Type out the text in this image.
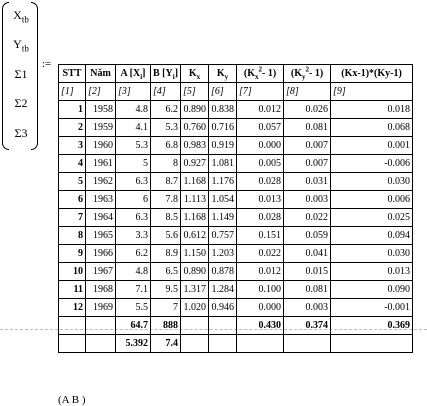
$X_{tb}$
$Y_{tb}$
Σ1
Σ2
Σ3
:=
STT	Năm	A $[X_i]$	B $[Y_i]$	$K_x$	$K_y$	($K_x^2-$ 1)	($K_y^2-$ 1)	(Kx-1)*(Ky-1)
[1]	[2]	[3]	[4]	[5]	[6]	[7]	[8]	[9]
1	1958	4.8	6.2	0.890	0.838	0.012	0.026	0.018
2	1959	4.1	5.3	0.760	0.716	0.057	0.081	0.068
3	1960	5.3	6.8	0.983	0.919	0.000	0.007	0.001
4	1961	5	8	0.927	1.081	0.005	0.007	-0.006
5	1962	6.3	8.7	1.168	1.176	0.028	0.031	0.030
6	1963	6	7.8	1.113	1.054	0.013	0.003	0.006
7	1964	6.3	8.5	1.168	1.149	0.028	0.022	0.025
8	1965	3.3	5.6	0.612	0.757	0.151	0.059	0.094
9	1966	6.2	8.9	1.150	1.203	0.022	0.041	0.030
10	1967	4.8	6.5	0.890	0.878	0.012	0.015	0.013
11	1968	7.1	9.5	1.317	1.284	0.100	0.081	0.090
12	1969	5.5	7	1.020	0.946	0.000	0.003	-0.001
		64.7	888			0.430	0.374	0.369
		5.392	7.4					
(A B )
